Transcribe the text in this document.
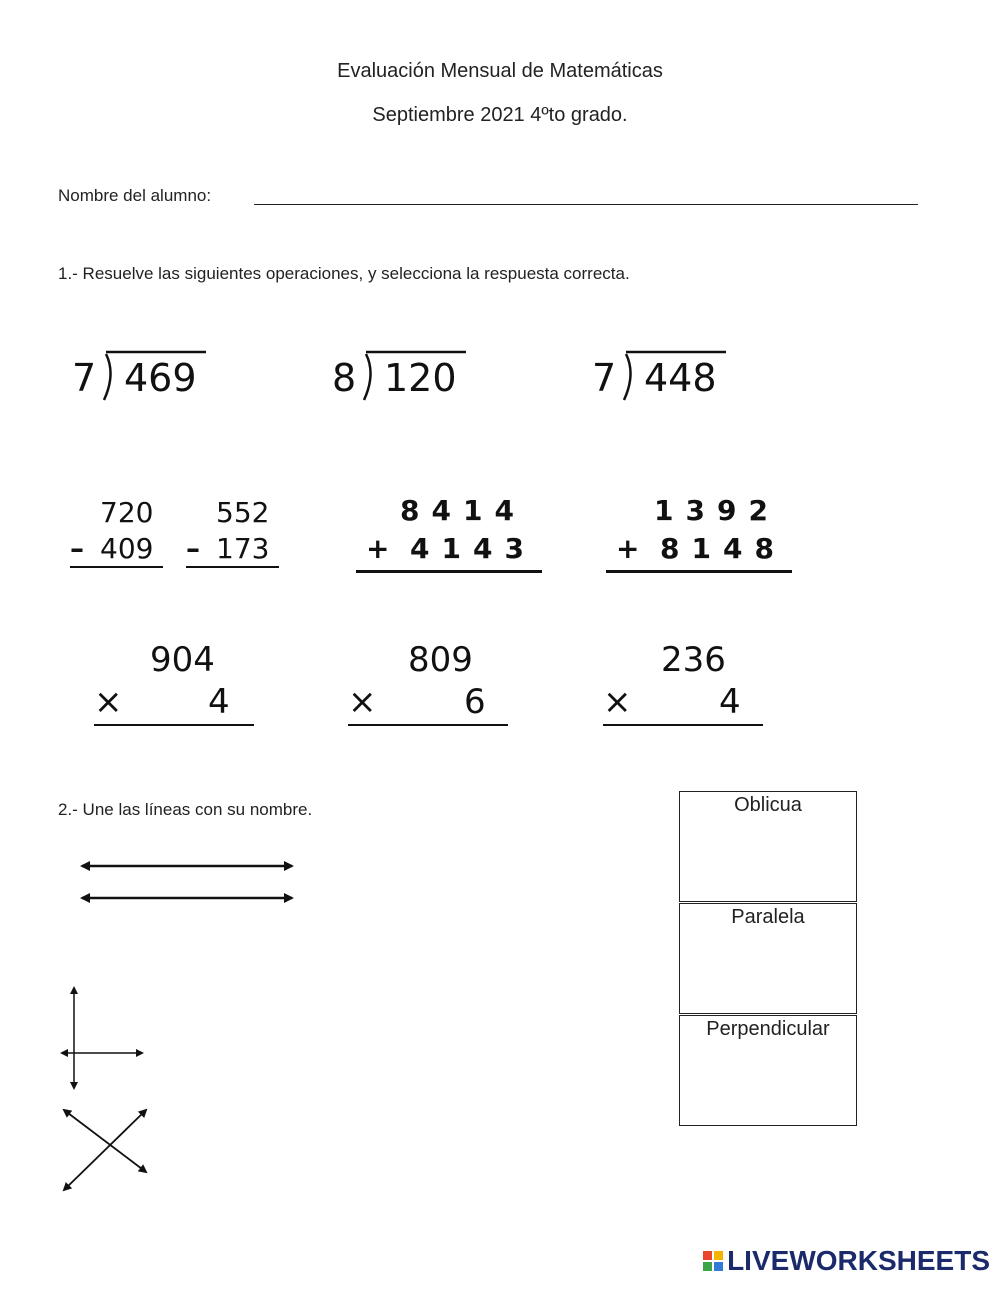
Evaluación Mensual de Matemáticas
Septiembre 2021 4ºto grado.
Nombre del alumno:
1.- Resuelve las siguientes operaciones, y selecciona la respuesta correcta.
7 469	8 120	7 448
720
– 409
552
– 173
8414
+ 4143
1392
+ 8148
904
×	4
809
×	6
236
×	4
2.- Une las líneas con su nombre.	Oblicua
Paralela
Perpendicular
LIVEWORKSHEETS
